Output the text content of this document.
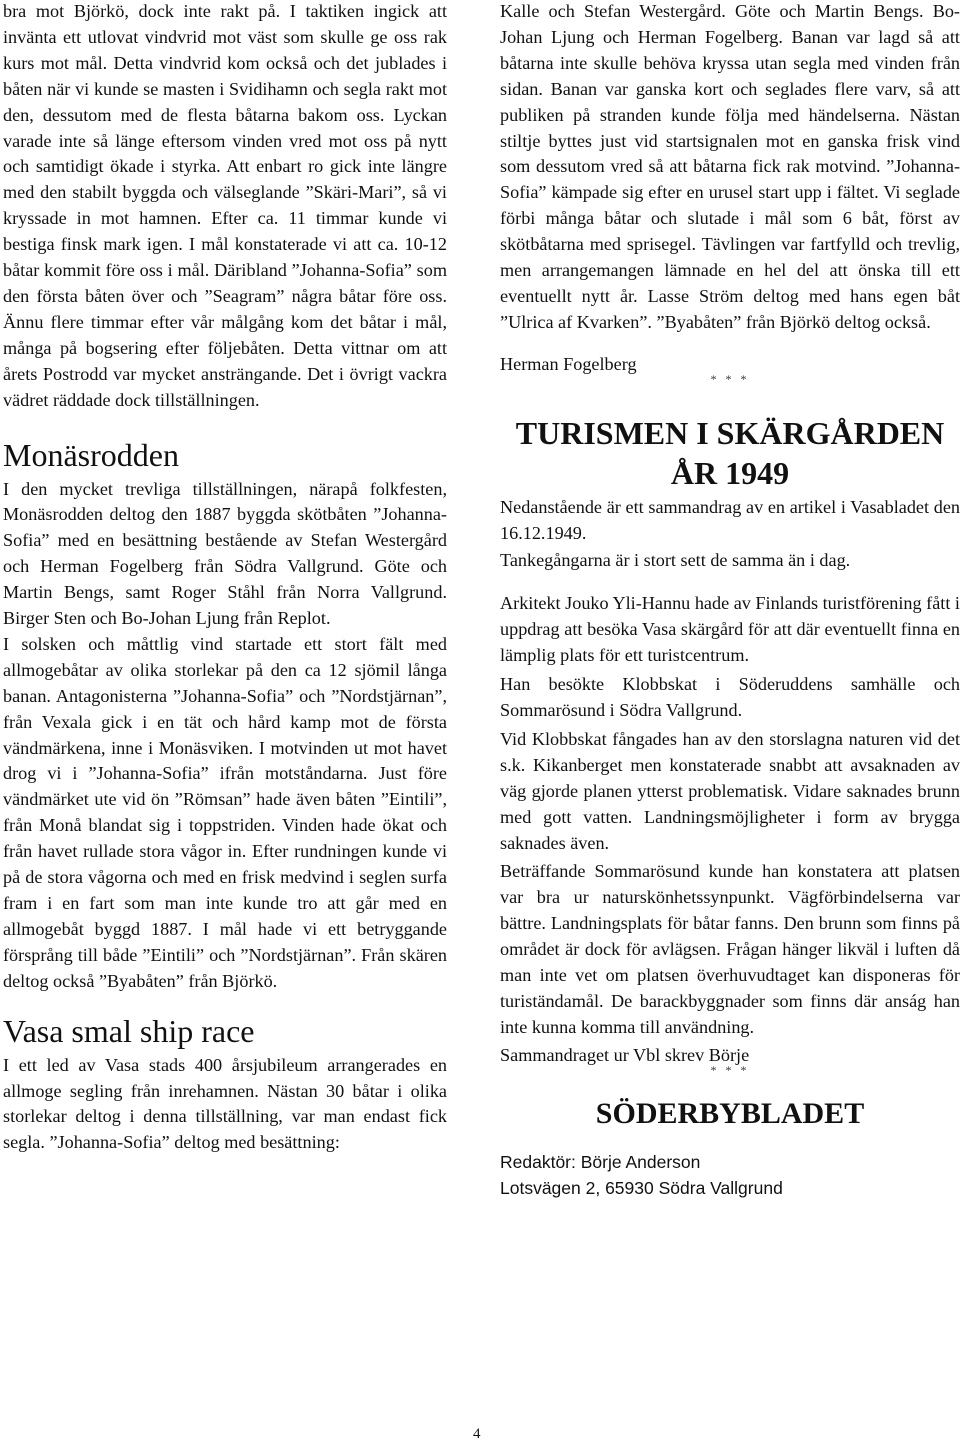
bra mot Björkö, dock inte rakt på. I taktiken ingick att invänta ett utlovat vindvrid mot väst som skulle ge oss rak kurs mot mål. Detta vindvrid kom också och det jublades i båten när vi kunde se masten i Svidihamn och segla rakt mot den, dessutom med de flesta båtarna bakom oss. Lyckan varade inte så länge eftersom vinden vred mot oss på nytt och samtidigt ökade i styrka. Att enbart ro gick inte längre med den stabilt byggda och välseglande ”Skäri-Mari”, så vi kryssade in mot hamnen. Efter ca. 11 timmar kunde vi bestiga finsk mark igen. I mål konstaterade vi att ca. 10-12 båtar kommit före oss i mål. Däribland ”Johanna-Sofia” som den första båten över och ”Seagram” några båtar före oss. Ännu flere timmar efter vår målgång kom det båtar i mål, många på bogsering efter följebåten. Detta vittnar om att årets Postrodd var mycket ansträngande. Det i övrigt vackra vädret räddade dock tillställningen.

Monäsrodden

I den mycket trevliga tillställningen, närapå folkfesten, Monäsrodden deltog den 1887 byggda skötbåten ”Johanna-Sofia” med en besättning bestående av Stefan Westergård och Herman Fogelberg från Södra Vallgrund. Göte och Martin Bengs, samt Roger Ståhl från Norra Vallgrund. Birger Sten och Bo-Johan Ljung från Replot.

I solsken och måttlig vind startade ett stort fält med allmogebåtar av olika storlekar på den ca 12 sjömil långa banan. Antagonisterna ”Johanna-Sofia” och ”Nordstjärnan”, från Vexala gick i en tät och hård kamp mot de första vändmärkena, inne i Monäsviken. I motvinden ut mot havet drog vi i ”Johanna-Sofia” ifrån motståndarna. Just före vändmärket ute vid ön ”Römsan” hade även båten ”Eintili”, från Monå blandat sig i toppstriden. Vinden hade ökat och från havet rullade stora vågor in. Efter rundningen kunde vi på de stora vågorna och med en frisk medvind i seglen surfa fram i en fart som man inte kunde tro att går med en allmogebåt byggd 1887. I mål hade vi ett betryggande försprång till både ”Eintili” och ”Nordstjärnan”. Från skären deltog också ”Byabåten” från Björkö.

Vasa smal ship race

I ett led av Vasa stads 400 årsjubileum arrangerades en allmoge segling från inrehamnen. Nästan 30 båtar i olika storlekar deltog i denna tillställning, var man endast fick segla. ”Johanna-Sofia” deltog med besättning:

Kalle och Stefan Westergård. Göte och Martin Bengs. Bo-Johan Ljung och Herman Fogelberg. Banan var lagd så att båtarna inte skulle behöva kryssa utan segla med vinden från sidan. Banan var ganska kort och seglades flere varv, så att publiken på stranden kunde följa med händelserna. Nästan stiltje byttes just vid startsignalen mot en ganska frisk vind som dessutom vred så att båtarna fick rak motvind. ”Johanna-Sofia” kämpade sig efter en urusel start upp i fältet. Vi seglade förbi många båtar och slutade i mål som 6 båt, först av skötbåtarna med sprisegel. Tävlingen var fartfylld och trevlig, men arrangemangen lämnade en hel del att önska till ett eventuellt nytt år. Lasse Ström deltog med hans egen båt ”Ulrica af Kvarken”. ”Byabåten” från Björkö deltog också.

Herman Fogelberg

* * *
TURISMEN I SKÄRGÅRDEN ÅR 1949

Nedanstående är ett sammandrag av en artikel i Vasabladet den 16.12.1949.

Tankegångarna är i stort sett de samma än i dag.

Arkitekt Jouko Yli-Hannu hade av Finlands turistförening fått i uppdrag att besöka Vasa skärgård för att där eventuellt finna en lämplig plats för ett turistcentrum.

Han besökte Klobbskat i Söderuddens samhälle och Sommarösund i Södra Vallgrund.

Vid Klobbskat fångades han av den storslagna naturen vid det s.k. Kikanberget men konstaterade snabbt att avsaknaden av väg gjorde planen ytterst problematisk. Vidare saknades brunn med gott vatten. Landningsmöjligheter i form av brygga saknades även.

Beträffande Sommarösund kunde han konstatera att platsen var bra ur naturskönhetssynpunkt. Vägförbindelserna var bättre. Landningsplats för båtar fanns. Den brunn som finns på området är dock för avlägsen. Frågan hänger likväl i luften då man inte vet om platsen överhuvudtaget kan disponeras för turiständamål. De barackbyggnader som finns där anság han inte kunna komma till användning.

Sammandraget ur Vbl skrev Börje

* * *
SÖDERBYBLADET

Redaktör: Börje Anderson

Lotsvägen 2, 65930 Södra Vallgrund

4
